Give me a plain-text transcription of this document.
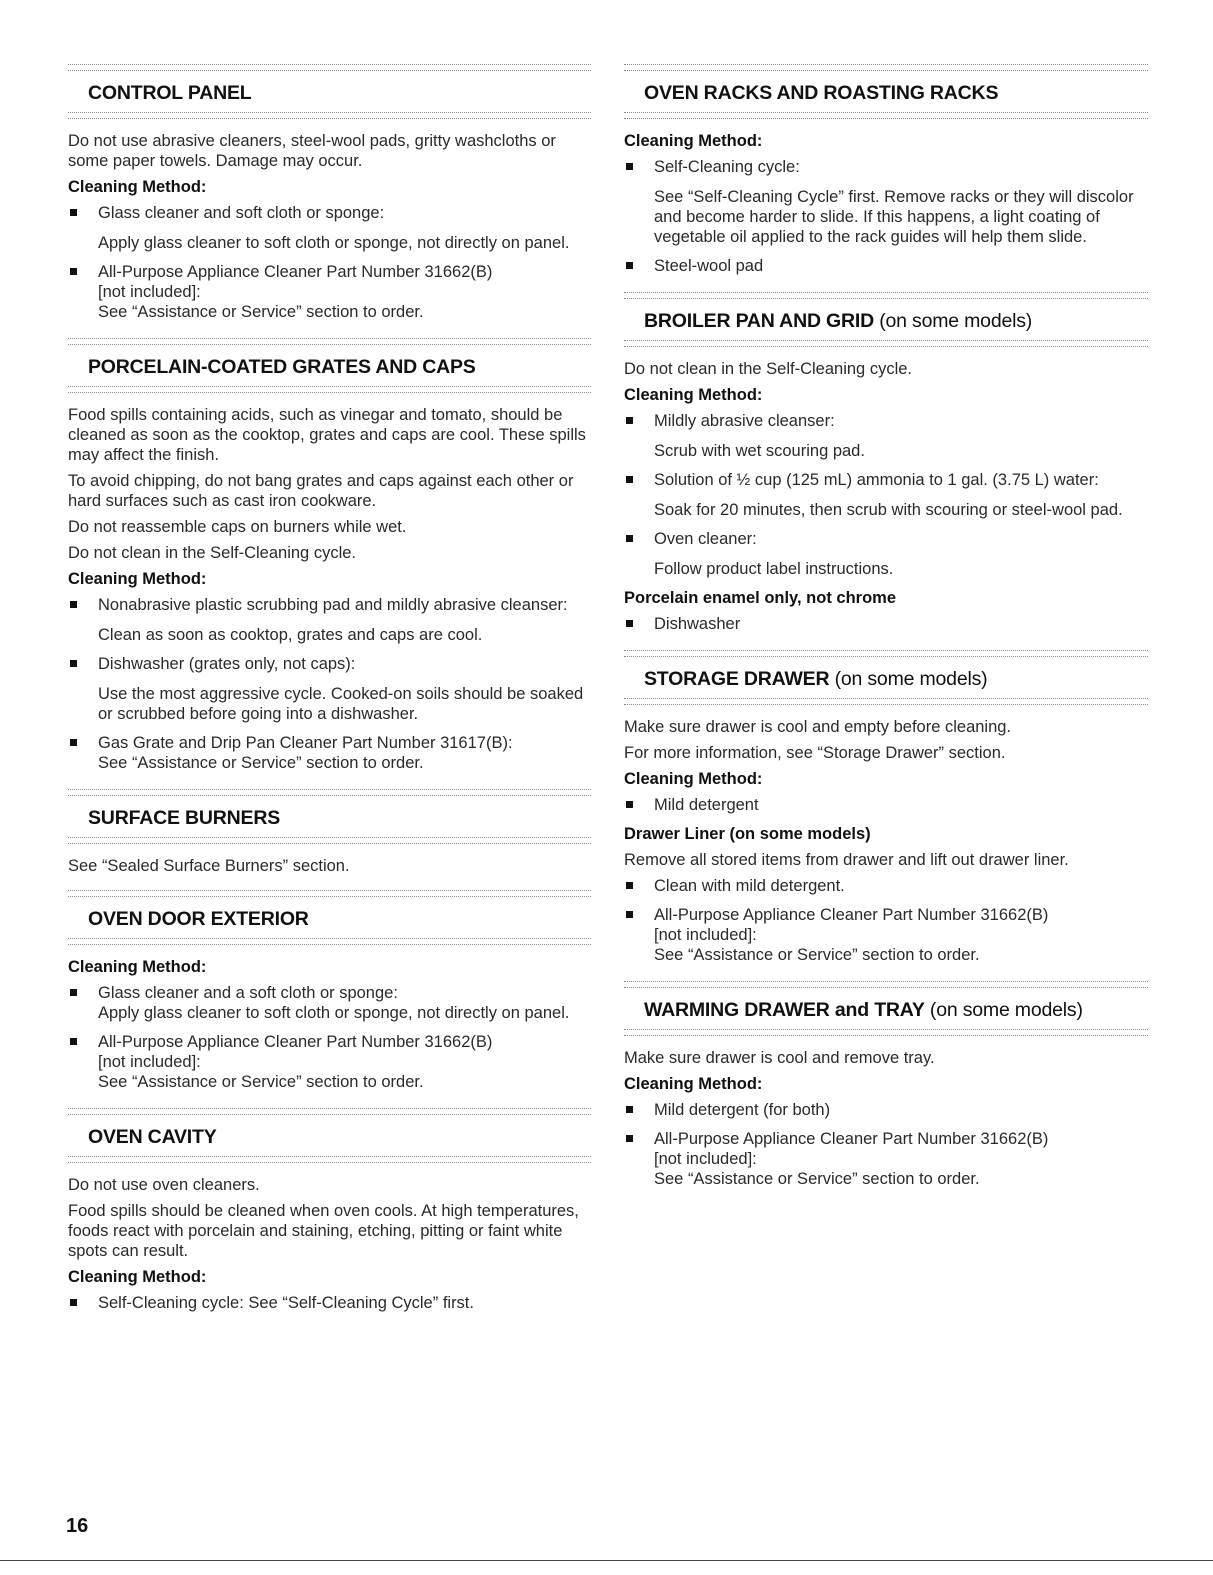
CONTROL PANEL
Do not use abrasive cleaners, steel-wool pads, gritty washcloths or some paper towels. Damage may occur.
Cleaning Method:
Glass cleaner and soft cloth or sponge:
Apply glass cleaner to soft cloth or sponge, not directly on panel.
All-Purpose Appliance Cleaner Part Number 31662(B)
[not included]:
See “Assistance or Service” section to order.
PORCELAIN-COATED GRATES AND CAPS
Food spills containing acids, such as vinegar and tomato, should be cleaned as soon as the cooktop, grates and caps are cool. These spills may affect the finish.
To avoid chipping, do not bang grates and caps against each other or hard surfaces such as cast iron cookware.
Do not reassemble caps on burners while wet.
Do not clean in the Self-Cleaning cycle.
Cleaning Method:
Nonabrasive plastic scrubbing pad and mildly abrasive cleanser:
Clean as soon as cooktop, grates and caps are cool.
Dishwasher (grates only, not caps):
Use the most aggressive cycle. Cooked-on soils should be soaked or scrubbed before going into a dishwasher.
Gas Grate and Drip Pan Cleaner Part Number 31617(B):
See “Assistance or Service” section to order.
SURFACE BURNERS
See “Sealed Surface Burners” section.
OVEN DOOR EXTERIOR
Cleaning Method:
Glass cleaner and a soft cloth or sponge:
Apply glass cleaner to soft cloth or sponge, not directly on panel.
All-Purpose Appliance Cleaner Part Number 31662(B)
[not included]:
See “Assistance or Service” section to order.
OVEN CAVITY
Do not use oven cleaners.
Food spills should be cleaned when oven cools. At high temperatures, foods react with porcelain and staining, etching, pitting or faint white spots can result.
Cleaning Method:
Self-Cleaning cycle: See “Self-Cleaning Cycle” first.
OVEN RACKS AND ROASTING RACKS
Cleaning Method:
Self-Cleaning cycle:
See “Self-Cleaning Cycle” first. Remove racks or they will discolor and become harder to slide. If this happens, a light coating of vegetable oil applied to the rack guides will help them slide.
Steel-wool pad
BROILER PAN AND GRID (on some models)
Do not clean in the Self-Cleaning cycle.
Cleaning Method:
Mildly abrasive cleanser:
Scrub with wet scouring pad.
Solution of ½ cup (125 mL) ammonia to 1 gal. (3.75 L) water:
Soak for 20 minutes, then scrub with scouring or steel-wool pad.
Oven cleaner:
Follow product label instructions.
Porcelain enamel only, not chrome
Dishwasher
STORAGE DRAWER (on some models)
Make sure drawer is cool and empty before cleaning.
For more information, see “Storage Drawer” section.
Cleaning Method:
Mild detergent
Drawer Liner (on some models)
Remove all stored items from drawer and lift out drawer liner.
Clean with mild detergent.
All-Purpose Appliance Cleaner Part Number 31662(B)
[not included]:
See “Assistance or Service” section to order.
WARMING DRAWER and TRAY (on some models)
Make sure drawer is cool and remove tray.
Cleaning Method:
Mild detergent (for both)
All-Purpose Appliance Cleaner Part Number 31662(B)
[not included]:
See “Assistance or Service” section to order.
16
